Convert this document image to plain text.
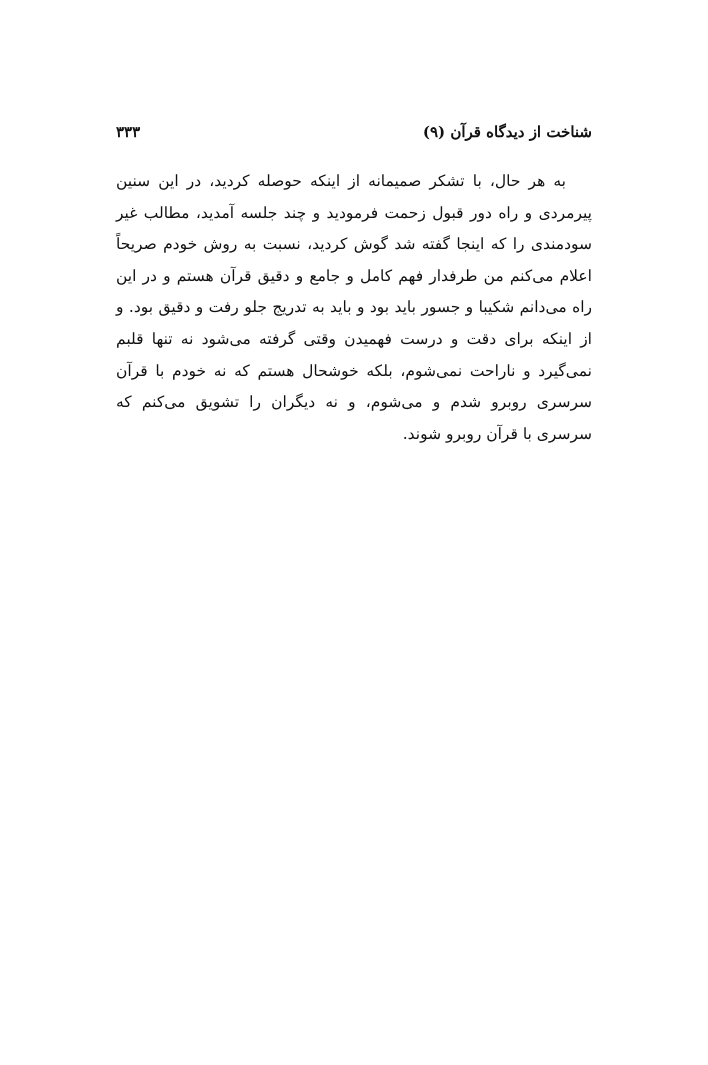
شناخت از دیدگاه قرآن (۹)
۳۳۳

به هر حال، با تشکر صمیمانه از اینکه حوصله کردید، در این سنین پیرمردی و راه دور قبول زحمت فرمودید و چند جلسه آمدید، مطالب غیر سودمندی را که اینجا گفته شد گوش کردید، نسبت به روش خودم صریحاً اعلام می‌کنم من طرفدار فهم کامل و جامع و دقیق قرآن هستم و در این راه می‌دانم شکیبا و جسور باید بود و باید به تدریج جلو رفت و دقیق بود. و از اینکه برای دقت و درست فهمیدن وقتی گرفته می‌شود نه تنها قلبم نمی‌گیرد و ناراحت نمی‌شوم، بلکه خوشحال هستم که نه خودم با قرآن سرسری روبرو شدم و می‌شوم، و نه دیگران را تشویق می‌کنم که سرسری با قرآن روبرو شوند.
